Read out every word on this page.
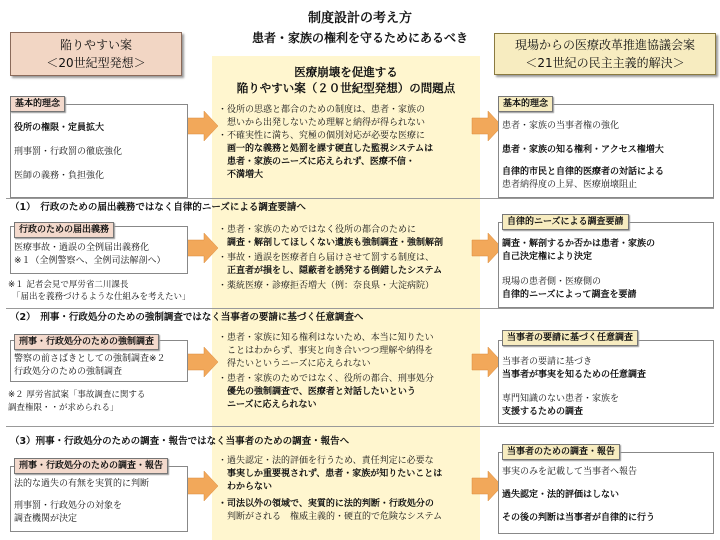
制度設計の考え方
患者・家族の権利を守るためにあるべき
陥りやすい案
＜20世紀型発想＞
現場からの医療改革推進協議会案
＜21世紀の民主主義的解決＞
医療崩壊を促進する
陥りやすい案（２０世紀型発想）の問題点
基本的理念
役所の権限・定員拡大
刑事罰・行政罰の徹底強化
医師の義務・負担強化
・役所の思惑と都合のための制度は、患者・家族の
　想いから出発しないため理解と納得が得られない
・不確実性に満ち、究極の個別対応が必要な医療に
　画一的な義務と処罰を課す硬直した監視システムは
　患者・家族のニーズに応えられず、医療不信・
　不満増大
基本的理念
患者・家族の当事者権の強化
患者・家族の知る権利・アクセス権増大
自律的市民と自律的医療者の対話による
患者納得度の上昇、医療崩壊阻止
（1）　行政のための届出義務ではなく自律的ニーズによる調査要請へ
行政のための届出義務
医療事故・過誤の全例届出義務化
※１（全例警察へ、全例司法解剖へ）
※１ 記者会見で厚労省二川課長
「届出を義務づけるような仕組みを考えたい」
・患者・家族のためではなく役所の都合のために
　調査・解剖してほしくない遺族も強制調査・強制解剖
・事故・過誤を医療者自ら届けさせて罰する制度は、
　正直者が損をし、隠蔽者を誘発する倒錯したシステム
・薬統医療・診療拒否増大（例：奈良県・大淀病院）
自律的ニーズによる調査要請
調査・解剖するか否かは患者・家族の
自己決定権により決定
現場の患者側・医療側の
自律的ニーズによって調査を要請
（2）　刑事・行政処分のための強制調査ではなく当事者の要請に基づく任意調査へ
刑事・行政処分のための強制調査
警察の前さばきとしての強制調査※２
行政処分のための強制調査
※２ 厚労省試案「事故調査に関する
調査権限・・が求められる」
・患者・家族に知る権利はないため、本当に知りたい
　ことはわからず、事実と向き合いつつ理解や納得を
　得たいというニーズに応えられない
・患者・家族のためではなく、役所の都合、刑事処分
　優先の強制調査で、医療者と対話したいという
　ニーズに応えられない
当事者の要請に基づく任意調査
当事者の要請に基づき
当事者が事実を知るための任意調査
専門知識のない患者・家族を
支援するための調査
（3）刑事・行政処分のための調査・報告ではなく当事者のための調査・報告へ
刑事・行政処分のための調査・報告
法的な過失の有無を実質的に判断
刑事罰・行政処分の対象を
調査機関が決定
・過失認定・法的評価を行うため、責任判定に必要な
　事実しか重要視されず、患者・家族が知りたいことは
　わからない
・司法以外の領域で、実質的に法的判断・行政処分の
　判断がされる　権威主義的・硬直的で危険なシステム
当事者のための調査・報告
事実のみを記載して当事者へ報告
過失認定・法的評価はしない
その後の判断は当事者が自律的に行う
